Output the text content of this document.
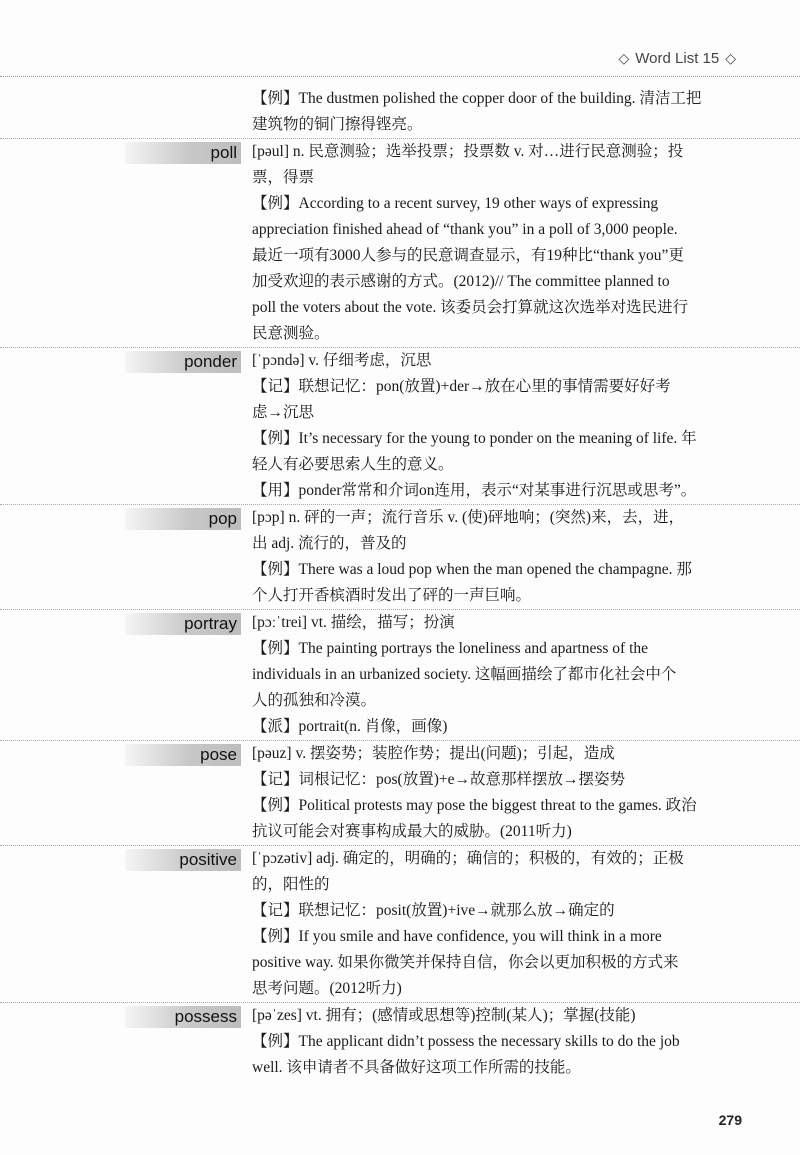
◇ Word List 15 ◇
【例】The dustmen polished the copper door of the building. 清洁工把
建筑物的铜门擦得铿亮。
poll [pəul] n. 民意测验；选举投票；投票数 v. 对…进行民意测验；投
票，得票
【例】According to a recent survey, 19 other ways of expressing
appreciation finished ahead of “thank you” in a poll of 3,000 people.
最近一项有3000人参与的民意调查显示，有19种比“thank you”更
加受欢迎的表示感谢的方式。(2012)// The committee planned to
poll the voters about the vote. 该委员会打算就这次选举对选民进行
民意测验。
ponder [ˈpɔndə] v. 仔细考虑，沉思
【记】联想记忆：pon(放置)+der→放在心里的事情需要好好考
虑→沉思
【例】It’s necessary for the young to ponder on the meaning of life. 年
轻人有必要思索人生的意义。
【用】ponder常常和介词on连用，表示“对某事进行沉思或思考”。
pop [pɔp] n. 砰的一声；流行音乐 v. (使)砰地响；(突然)来，去，进，
出 adj. 流行的，普及的
【例】There was a loud pop when the man opened the champagne. 那
个人打开香槟酒时发出了砰的一声巨响。
portray [pɔːˈtrei] vt. 描绘，描写；扮演
【例】The painting portrays the loneliness and apartness of the
individuals in an urbanized society. 这幅画描绘了都市化社会中个
人的孤独和冷漠。
【派】portrait(n. 肖像，画像)
pose [pəuz] v. 摆姿势；装腔作势；提出(问题)；引起，造成
【记】词根记忆：pos(放置)+e→故意那样摆放→摆姿势
【例】Political protests may pose the biggest threat to the games. 政治
抗议可能会对赛事构成最大的威胁。(2011听力)
positive [ˈpɔzətiv] adj. 确定的，明确的；确信的；积极的，有效的；正极
的，阳性的
【记】联想记忆：posit(放置)+ive→就那么放→确定的
【例】If you smile and have confidence, you will think in a more
positive way. 如果你微笑并保持自信，你会以更加积极的方式来
思考问题。(2012听力)
possess [pəˈzes] vt. 拥有；(感情或思想等)控制(某人)；掌握(技能)
【例】The applicant didn’t possess the necessary skills to do the job
well. 该申请者不具备做好这项工作所需的技能。
279
